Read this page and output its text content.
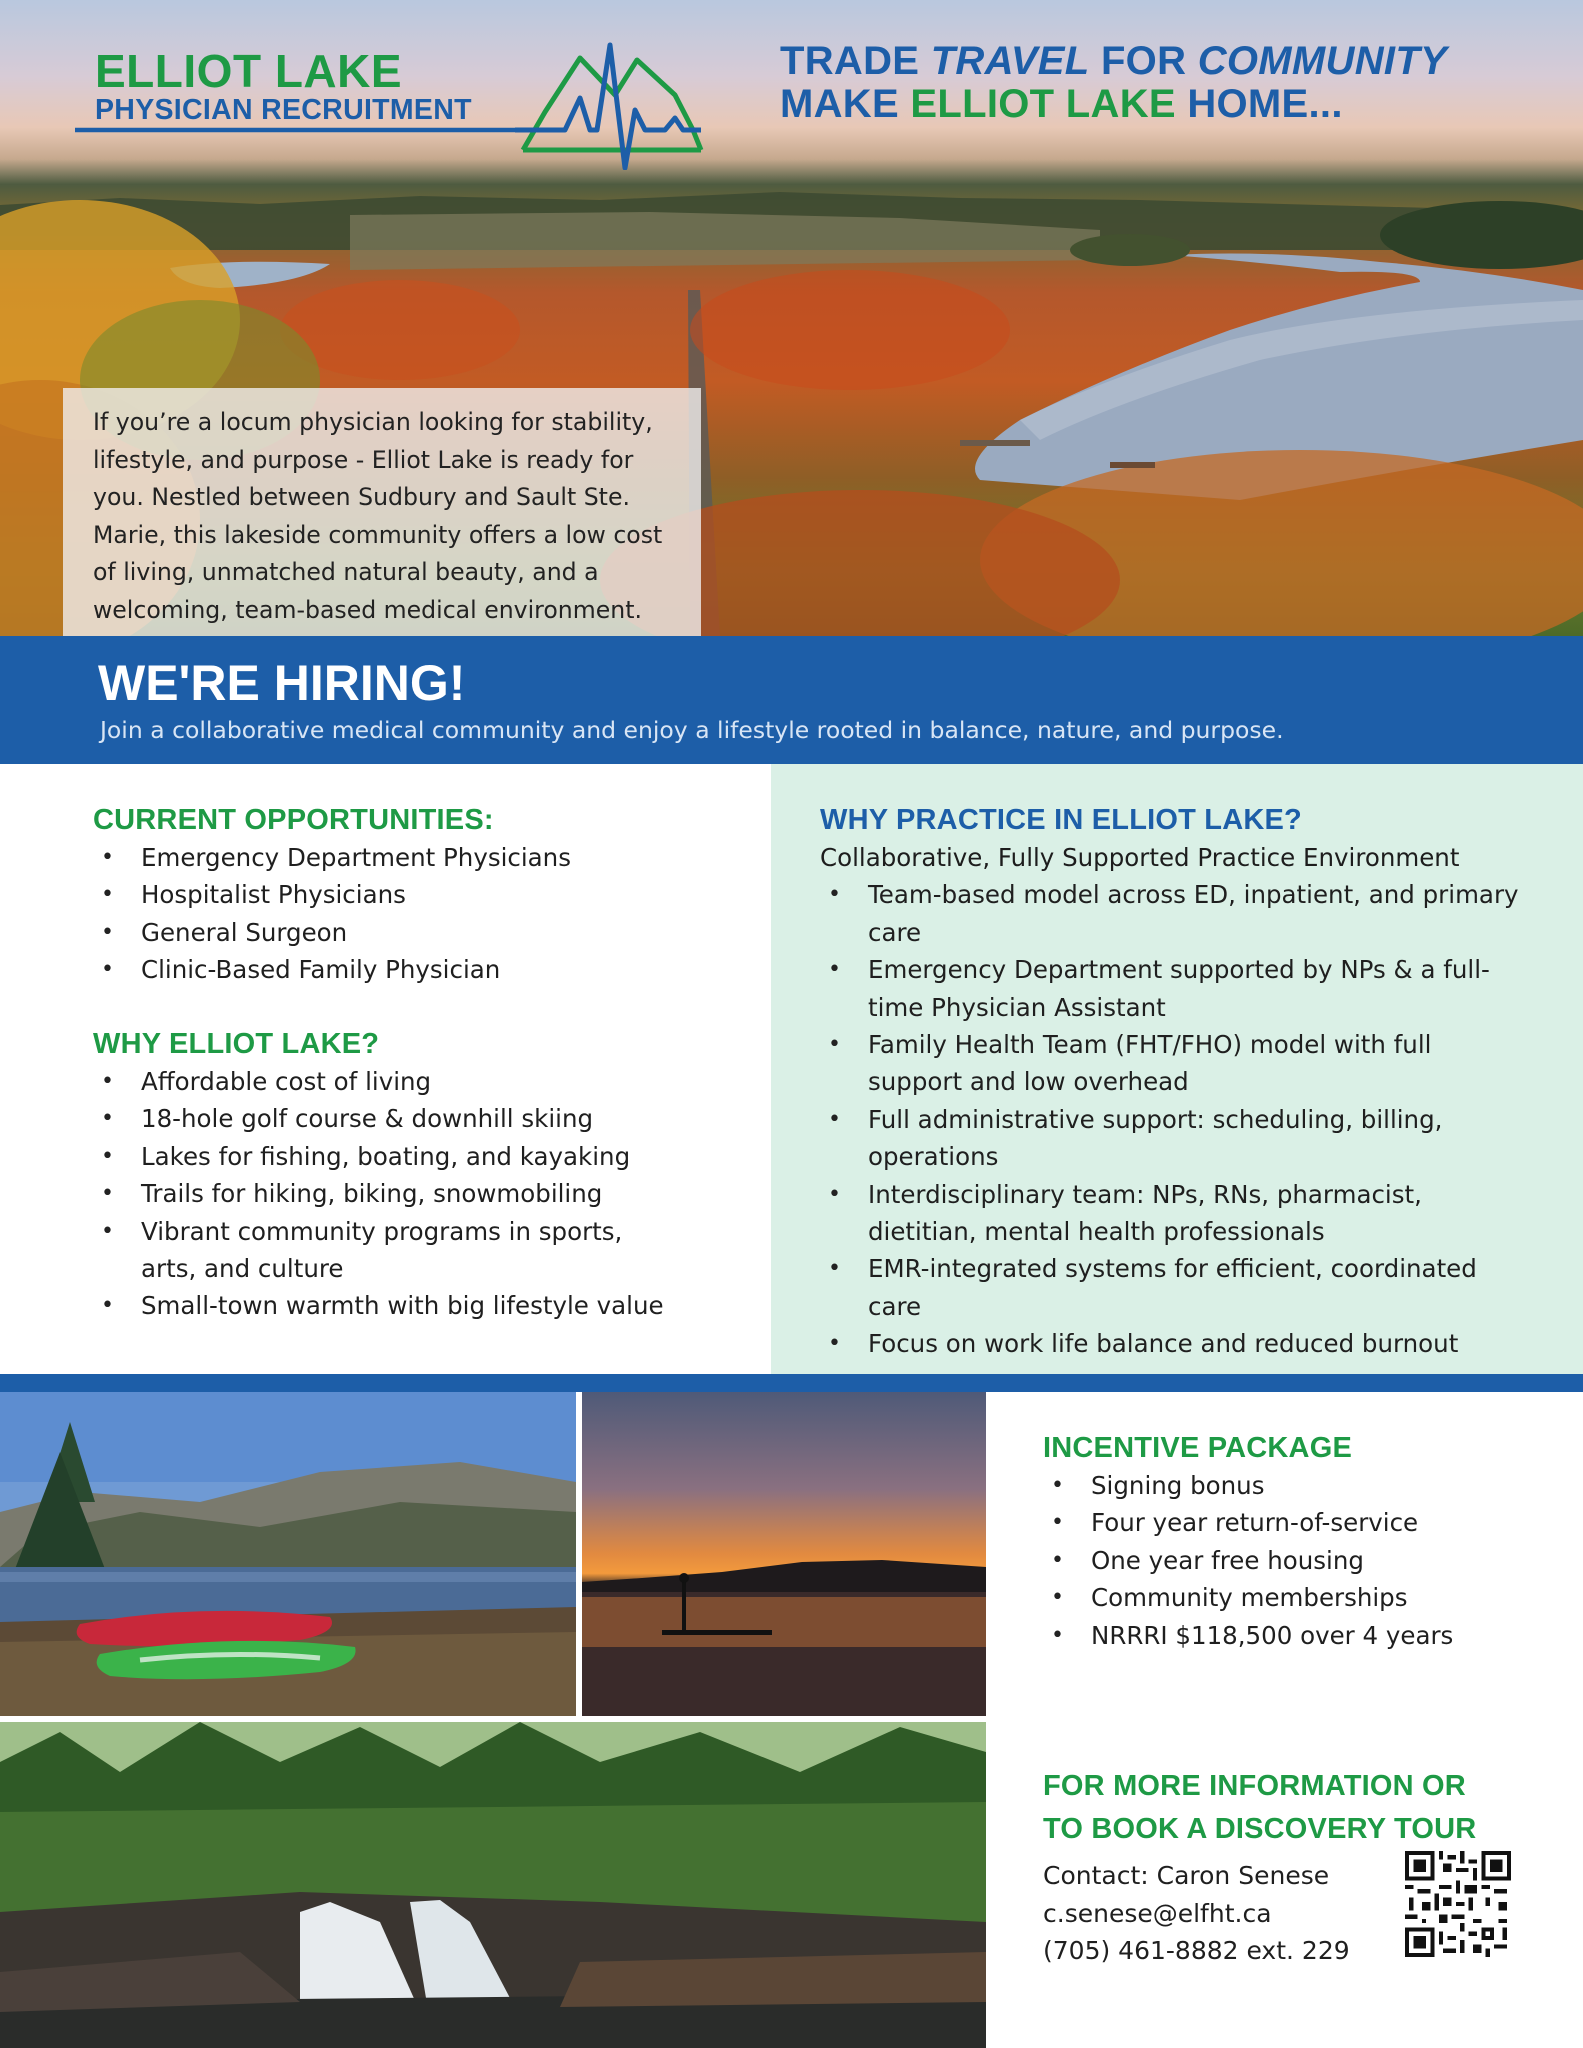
ELLIOT LAKE
PHYSICIAN RECRUITMENT
TRADE TRAVEL FOR COMMUNITY
MAKE ELLIOT LAKE HOME...
If you’re a locum physician looking for stability,
lifestyle, and purpose - Elliot Lake is ready for
you. Nestled between Sudbury and Sault Ste.
Marie, this lakeside community offers a low cost
of living, unmatched natural beauty, and a
welcoming, team-based medical environment.
WE'RE HIRING!
Join a collaborative medical community and enjoy a lifestyle rooted in balance, nature, and purpose.
CURRENT OPPORTUNITIES:
• Emergency Department Physicians
• Hospitalist Physicians
• General Surgeon
• Clinic-Based Family Physician
WHY ELLIOT LAKE?
• Affordable cost of living
• 18-hole golf course & downhill skiing
• Lakes for fishing, boating, and kayaking
• Trails for hiking, biking, snowmobiling
• Vibrant community programs in sports, arts, and culture
• Small-town warmth with big lifestyle value
WHY PRACTICE IN ELLIOT LAKE?
Collaborative, Fully Supported Practice Environment
• Team-based model across ED, inpatient, and primary care
• Emergency Department supported by NPs & a full-time Physician Assistant
• Family Health Team (FHT/FHO) model with full support and low overhead
• Full administrative support: scheduling, billing, operations
• Interdisciplinary team: NPs, RNs, pharmacist, dietitian, mental health professionals
• EMR-integrated systems for efficient, coordinated care
• Focus on work life balance and reduced burnout
INCENTIVE PACKAGE
• Signing bonus
• Four year return-of-service
• One year free housing
• Community memberships
• NRRRI $118,500 over 4 years
FOR MORE INFORMATION OR
TO BOOK A DISCOVERY TOUR
Contact: Caron Senese
c.senese@elfht.ca
(705) 461-8882 ext. 229
